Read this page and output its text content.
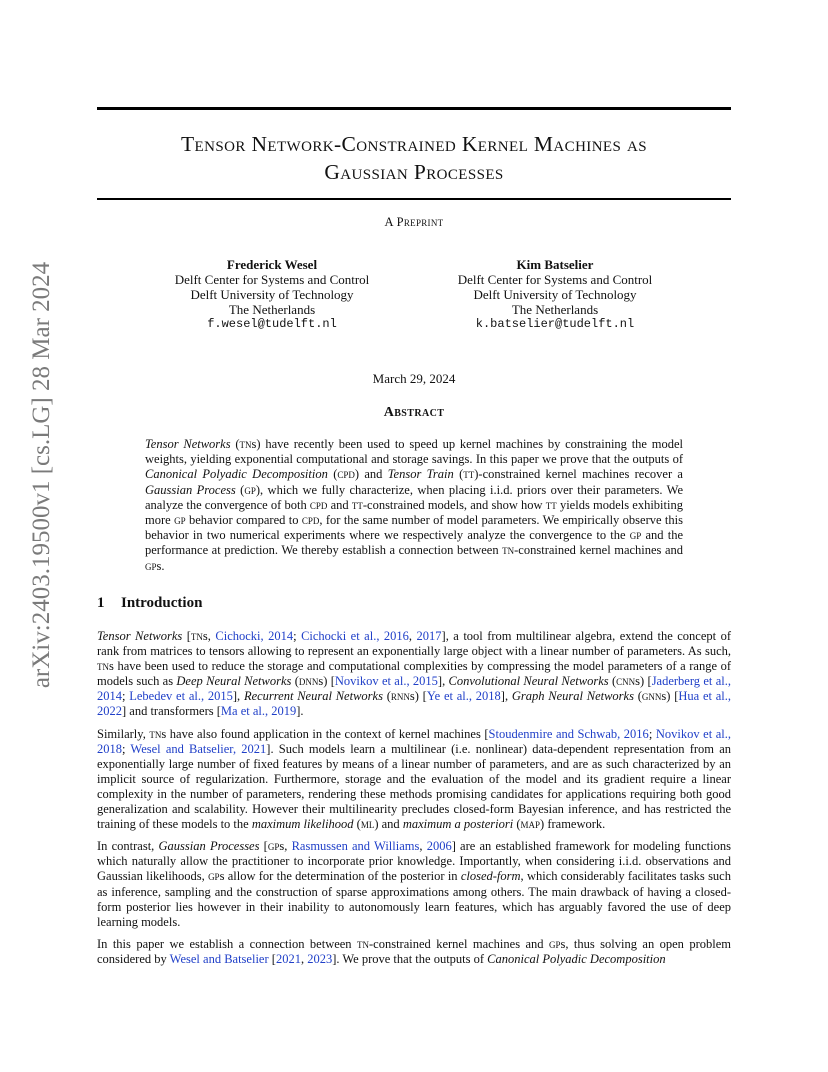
arXiv:2403.19500v1 [cs.LG] 28 Mar 2024
Tensor Network-Constrained Kernel Machines as
Gaussian Processes
A Preprint
Frederick Wesel
Delft Center for Systems and Control
Delft University of Technology
The Netherlands
f.wesel@tudelft.nl
Kim Batselier
Delft Center for Systems and Control
Delft University of Technology
The Netherlands
k.batselier@tudelft.nl
March 29, 2024
Abstract
Tensor Networks (tns) have recently been used to speed up kernel machines by constraining the model weights, yielding exponential computational and storage savings. In this paper we prove that the outputs of Canonical Polyadic Decomposition (cpd) and Tensor Train (tt)-constrained kernel machines recover a Gaussian Process (gp), which we fully characterize, when placing i.i.d. priors over their parameters. We analyze the convergence of both cpd and tt-constrained models, and show how tt yields models exhibiting more gp behavior compared to cpd, for the same number of model parameters. We empirically observe this behavior in two numerical experiments where we respectively analyze the convergence to the gp and the performance at prediction. We thereby establish a connection between tn-constrained kernel machines and gps.
1 Introduction

Tensor Networks [tns, Cichocki, 2014; Cichocki et al., 2016, 2017], a tool from multilinear algebra, extend the concept of rank from matrices to tensors allowing to represent an exponentially large object with a linear number of parameters. As such, tns have been used to reduce the storage and computational complexities by compressing the model parameters of a range of models such as Deep Neural Networks (dnns) [Novikov et al., 2015], Convolutional Neural Networks (cnns) [Jaderberg et al., 2014; Lebedev et al., 2015], Recurrent Neural Networks (rnns) [Ye et al., 2018], Graph Neural Networks (gnns) [Hua et al., 2022] and transformers [Ma et al., 2019].

Similarly, tns have also found application in the context of kernel machines [Stoudenmire and Schwab, 2016; Novikov et al., 2018; Wesel and Batselier, 2021]. Such models learn a multilinear (i.e. nonlinear) data-dependent representation from an exponentially large number of fixed features by means of a linear number of parameters, and are as such characterized by an implicit source of regularization. Furthermore, storage and the evaluation of the model and its gradient require a linear complexity in the number of parameters, rendering these methods promising candidates for applications requiring both good generalization and scalability. However their multilinearity precludes closed-form Bayesian inference, and has restricted the training of these models to the maximum likelihood (ml) and maximum a posteriori (map) framework.

In contrast, Gaussian Processes [gps, Rasmussen and Williams, 2006] are an established framework for modeling functions which naturally allow the practitioner to incorporate prior knowledge. Importantly, when considering i.i.d. observations and Gaussian likelihoods, gps allow for the determination of the posterior in closed-form, which considerably facilitates tasks such as inference, sampling and the construction of sparse approximations among others. The main drawback of having a closed-form posterior lies however in their inability to autonomously learn features, which has arguably favored the use of deep learning models.

In this paper we establish a connection between tn-constrained kernel machines and gps, thus solving an open problem considered by Wesel and Batselier [2021, 2023]. We prove that the outputs of Canonical Polyadic Decomposition
